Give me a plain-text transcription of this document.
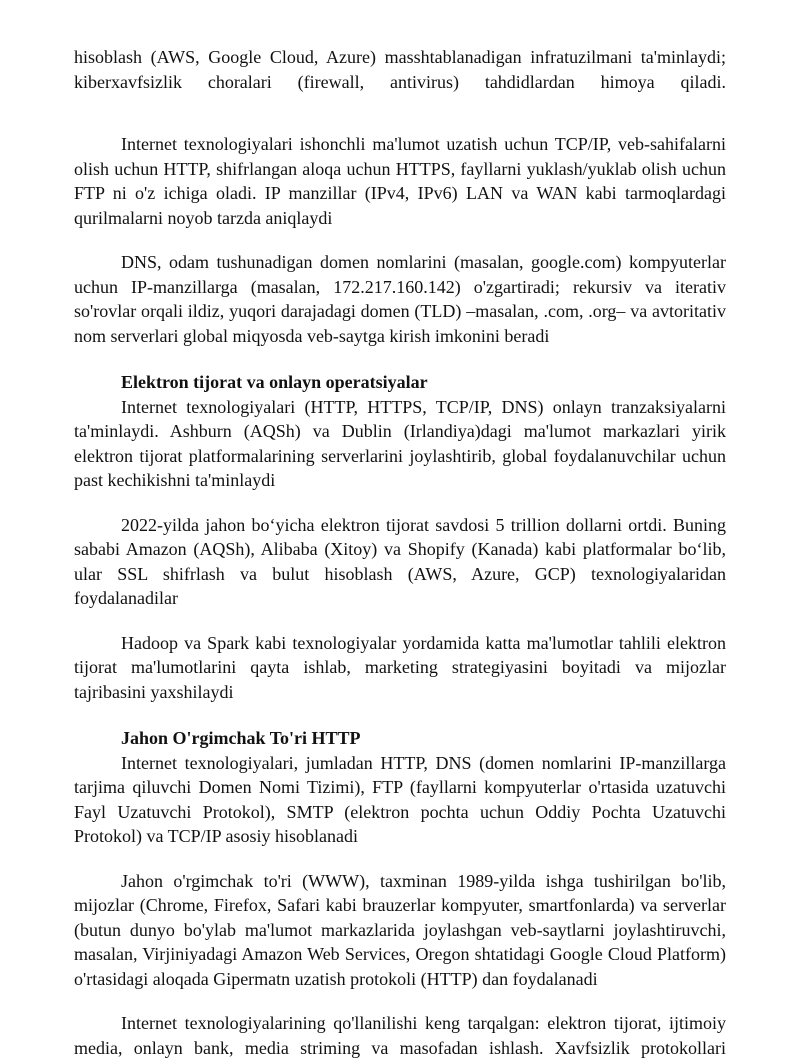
hisoblash (AWS, Google Cloud, Azure) masshtablanadigan infratuzilmani ta'minlaydi; kiberxavfsizlik choralari (firewall, antivirus) tahdidlardan himoya qiladi.

Internet texnologiyalari ishonchli ma'lumot uzatish uchun TCP/IP, veb-sahifalarni olish uchun HTTP, shifrlangan aloqa uchun HTTPS, fayllarni yuklash/yuklab olish uchun FTP ni o'z ichiga oladi. IP manzillar (IPv4, IPv6) LAN va WAN kabi tarmoqlardagi qurilmalarni noyob tarzda aniqlaydi

DNS, odam tushunadigan domen nomlarini (masalan, google.com) kompyuterlar uchun IP-manzillarga (masalan, 172.217.160.142) o'zgartiradi; rekursiv va iterativ so'rovlar orqali ildiz, yuqori darajadagi domen (TLD) –masalan, .com, .org– va avtoritativ nom serverlari global miqyosda veb-saytga kirish imkonini beradi

Elektron tijorat va onlayn operatsiyalar

Internet texnologiyalari (HTTP, HTTPS, TCP/IP, DNS) onlayn tranzaksiyalarni ta'minlaydi. Ashburn (AQSh) va Dublin (Irlandiya)dagi ma'lumot markazlari yirik elektron tijorat platformalarining serverlarini joylashtirib, global foydalanuvchilar uchun past kechikishni ta'minlaydi

2022-yilda jahon bo‘yicha elektron tijorat savdosi 5 trillion dollarni ortdi. Buning sababi Amazon (AQSh), Alibaba (Xitoy) va Shopify (Kanada) kabi platformalar bo‘lib, ular SSL shifrlash va bulut hisoblash (AWS, Azure, GCP) texnologiyalaridan foydalanadilar

Hadoop va Spark kabi texnologiyalar yordamida katta ma'lumotlar tahlili elektron tijorat ma'lumotlarini qayta ishlab, marketing strategiyasini boyitadi va mijozlar tajribasini yaxshilaydi

Jahon O'rgimchak To'ri HTTP

Internet texnologiyalari, jumladan HTTP, DNS (domen nomlarini IP-manzillarga tarjima qiluvchi Domen Nomi Tizimi), FTP (fayllarni kompyuterlar o'rtasida uzatuvchi Fayl Uzatuvchi Protokol), SMTP (elektron pochta uchun Oddiy Pochta Uzatuvchi Protokol) va TCP/IP asosiy hisoblanadi

Jahon o'rgimchak to'ri (WWW), taxminan 1989-yilda ishga tushirilgan bo'lib, mijozlar (Chrome, Firefox, Safari kabi brauzerlar kompyuter, smartfonlarda) va serverlar (butun dunyo bo'ylab ma'lumot markazlarida joylashgan veb-saytlarni joylashtiruvchi, masalan, Virjiniyadagi Amazon Web Services, Oregon shtatidagi Google Cloud Platform) o'rtasidagi aloqada Gipermatn uzatish protokoli (HTTP) dan foydalanadi

Internet texnologiyalarining qo'llanilishi keng tarqalgan: elektron tijorat, ijtimoiy media, onlayn bank, media striming va masofadan ishlash. Xavfsizlik protokollari
